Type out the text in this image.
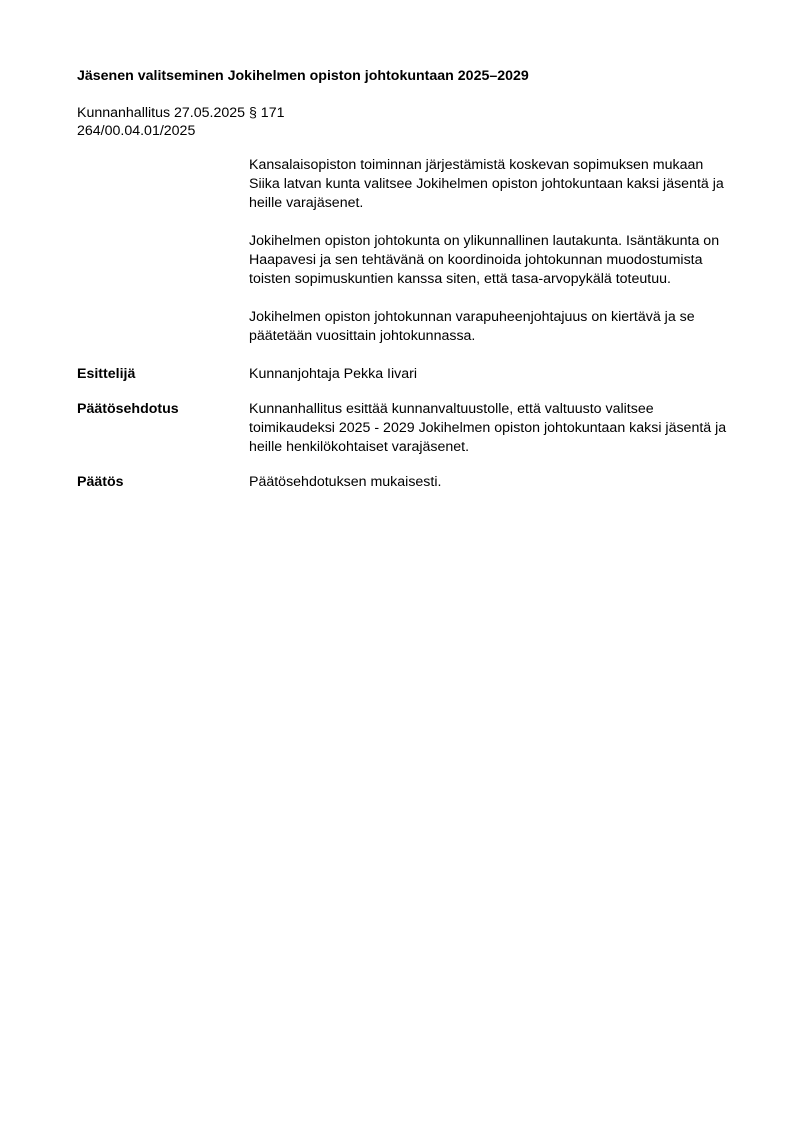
Jäsenen valitseminen Jokihelmen opiston johtokuntaan 2025–2029
Kunnanhallitus 27.05.2025 § 171
264/00.04.01/2025

Kansalaisopiston toiminnan järjestämistä koskevan sopimuksen mukaan Siika latvan kunta valitsee Jokihelmen opiston johtokuntaan kaksi jäsentä ja heille varajäsenet.

Jokihelmen opiston johtokunta on ylikunnallinen lautakunta. Isäntäkunta on Haapavesi ja sen tehtävänä on koordinoida johtokunnan muodostumista toisten sopimuskuntien kanssa siten, että tasa-arvopykälä toteutuu.

Jokihelmen opiston johtokunnan varapuheenjohtajuus on kiertävä ja se päätetään vuosittain johtokunnassa.

Esittelijä	Kunnanjohtaja Pekka Iivari
Päätösehdotus	Kunnanhallitus esittää kunnanvaltuustolle, että valtuusto valitsee toimikaudeksi 2025 - 2029 Jokihelmen opiston johtokuntaan kaksi jäsentä ja heille henkilökohtaiset varajäsenet.
Päätös	Päätösehdotuksen mukaisesti.
